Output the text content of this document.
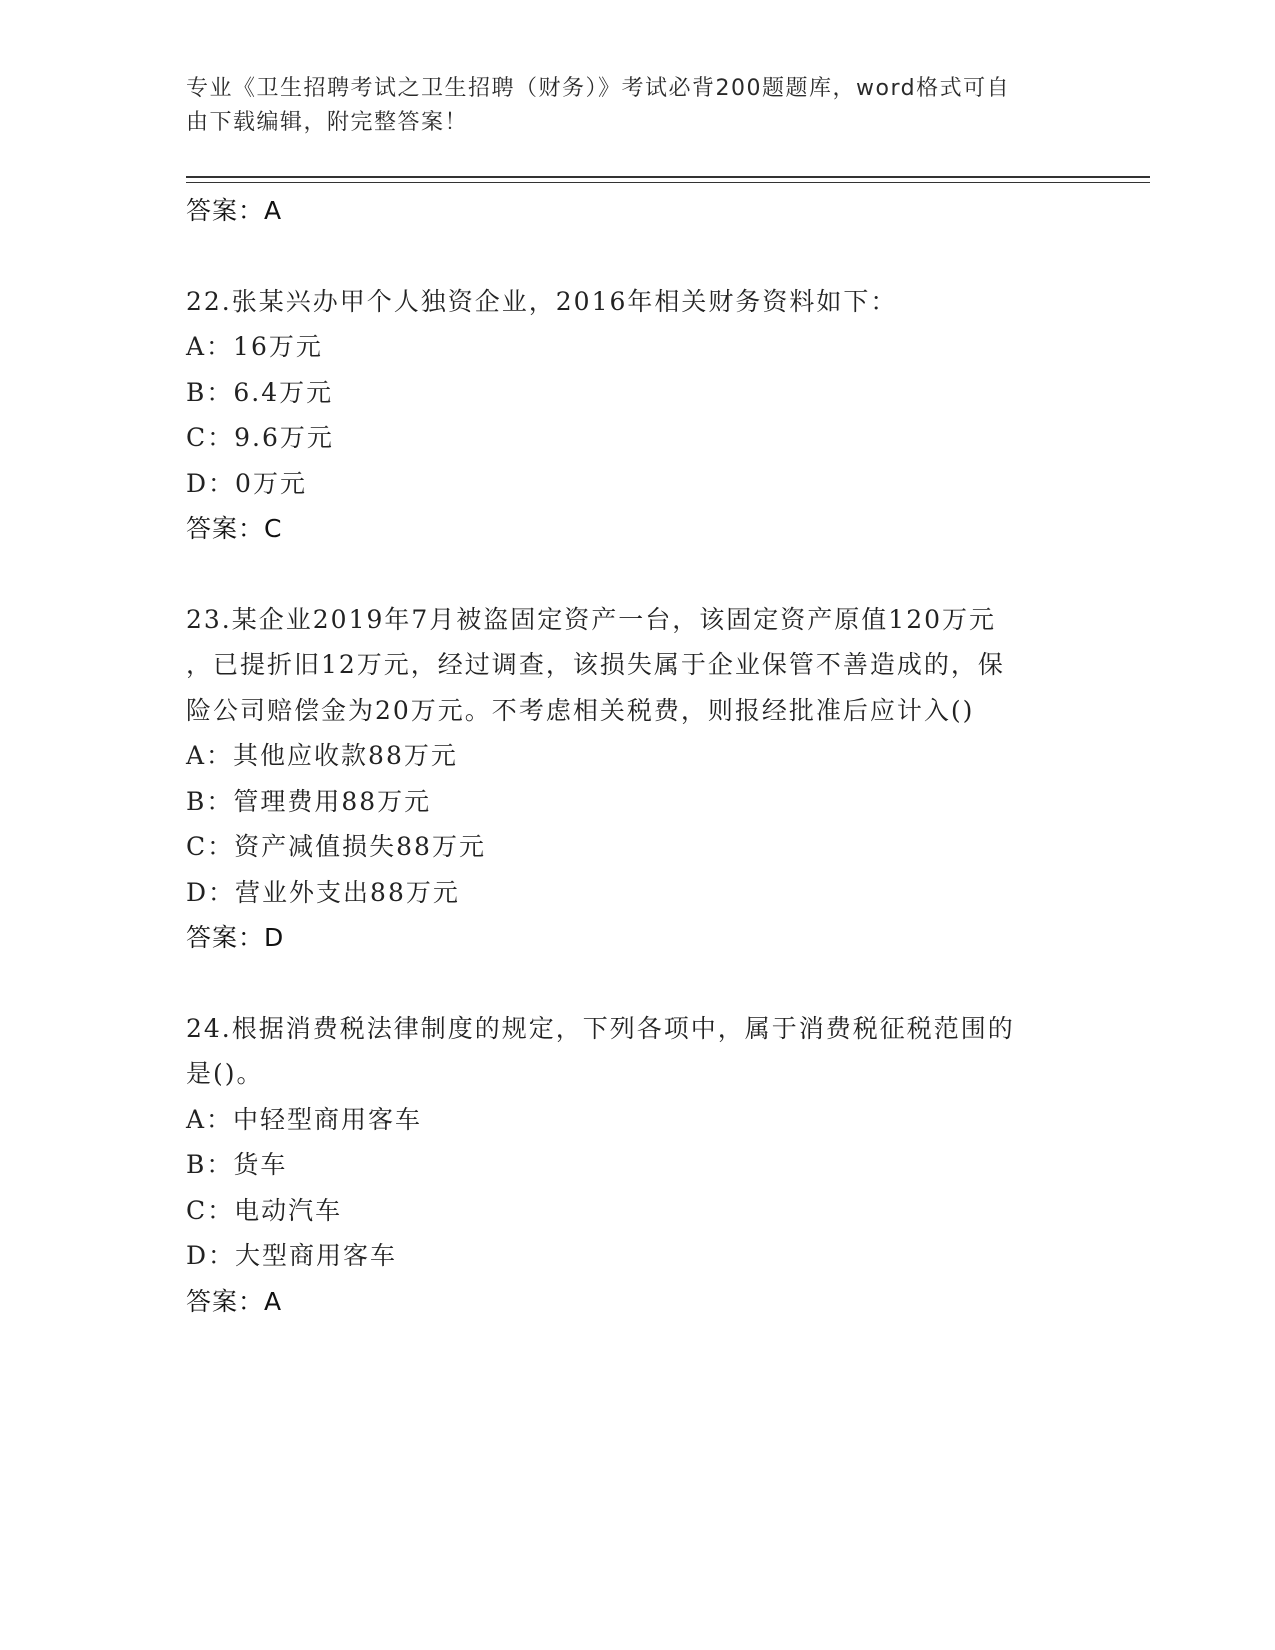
专业《卫生招聘考试之卫生招聘（财务）》考试必背200题题库，word格式可自
由下载编辑，附完整答案！
答案：A
22.张某兴办甲个人独资企业，2016年相关财务资料如下：
A：16万元
B：6.4万元
C：9.6万元
D：0万元
答案：C
23.某企业2019年7月被盗固定资产一台，该固定资产原值120万元
，已提折旧12万元，经过调查，该损失属于企业保管不善造成的，保
险公司赔偿金为20万元。不考虑相关税费，则报经批准后应计入()
A：其他应收款88万元
B：管理费用88万元
C：资产减值损失88万元
D：营业外支出88万元
答案：D
24.根据消费税法律制度的规定，下列各项中，属于消费税征税范围的
是()。
A：中轻型商用客车
B：货车
C：电动汽车
D：大型商用客车
答案：A
